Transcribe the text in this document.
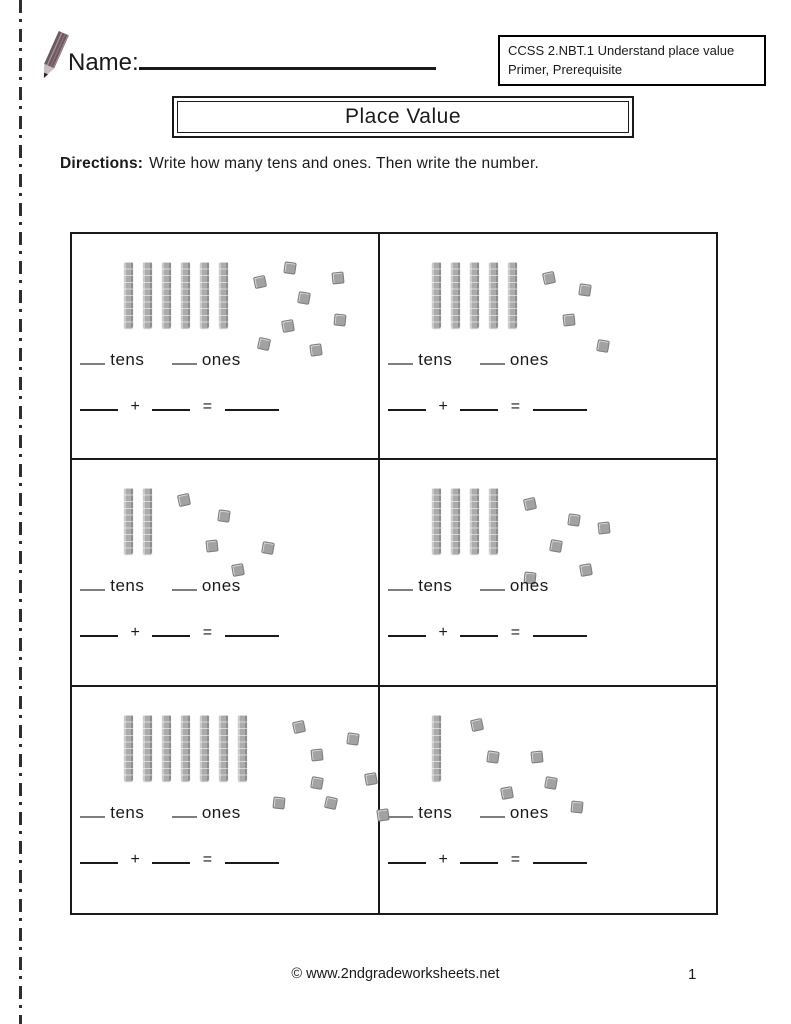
Name:	CCSS 2.NBT.1 Understand place value
Primer, Prerequisite
Place Value
Directions: Write how many tens and ones. Then write the number.
tens	ones
+	=
tens	ones
+	=
tens	ones
+	=
tens	ones
+	=
tens	ones
+	=
tens	ones
+	=
© www.2ndgradeworksheets.net	1
